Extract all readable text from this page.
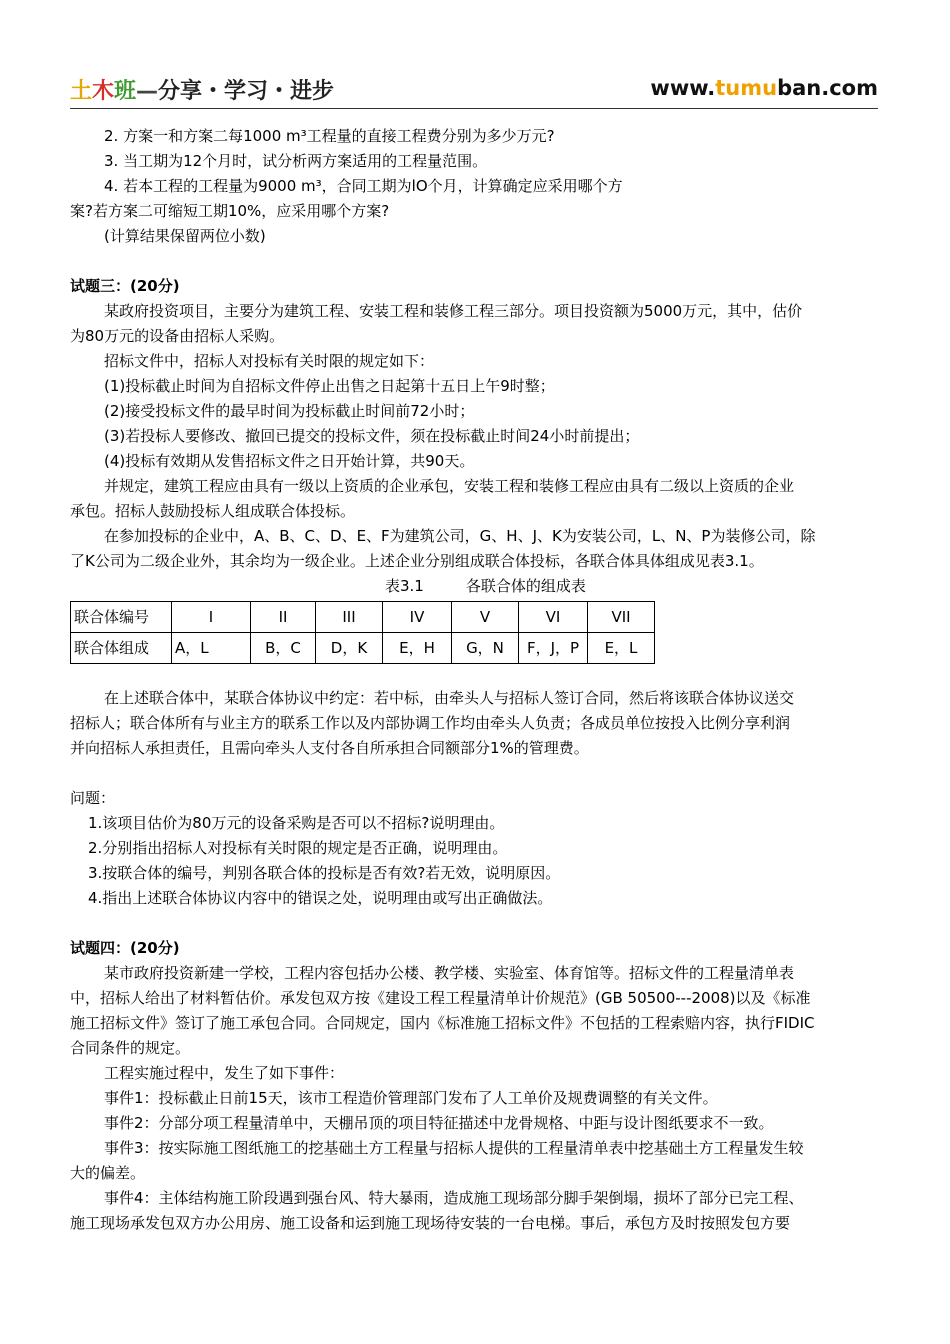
土木班—分享・学习・进步	www.tumuban.com

2. 方案一和方案二每1000 m³工程量的直接工程费分别为多少万元?

3. 当工期为12个月时，试分析两方案适用的工程量范围。

4. 若本工程的工程量为9000 m³，合同工期为lO个月，计算确定应采用哪个方

案?若方案二可缩短工期10%，应采用哪个方案?

(计算结果保留两位小数)

试题三：(20分)

某政府投资项目，主要分为建筑工程、安装工程和装修工程三部分。项目投资额为5000万元，其中，估价

为80万元的设备由招标人采购。

招标文件中，招标人对投标有关时限的规定如下：

(1)投标截止时间为自招标文件停止出售之日起第十五日上午9时整；

(2)接受投标文件的最早时间为投标截止时间前72小时；

(3)若投标人要修改、撤回已提交的投标文件，须在投标截止时间24小时前提出；

(4)投标有效期从发售招标文件之日开始计算，共90天。

并规定，建筑工程应由具有一级以上资质的企业承包，安装工程和装修工程应由具有二级以上资质的企业

承包。招标人鼓励投标人组成联合体投标。

在参加投标的企业中，A、B、C、D、E、F为建筑公司，G、H、J、K为安装公司，L、N、P为装修公司，除

了K公司为二级企业外，其余均为一级企业。上述企业分别组成联合体投标，各联合体具体组成见表3.1。

表3.1	各联合体的组成表
联合体编号	I	II	III	IV	V	VI	VII
联合体组成	A，L	B，C	D，K	E，H	G，N	F，J，P	E，L

在上述联合体中，某联合体协议中约定：若中标，由牵头人与招标人签订合同，然后将该联合体协议送交

招标人；联合体所有与业主方的联系工作以及内部协调工作均由牵头人负责；各成员单位按投入比例分享利润

并向招标人承担责任，且需向牵头人支付各自所承担合同额部分1%的管理费。

问题：

1.该项目估价为80万元的设备采购是否可以不招标?说明理由。

2.分别指出招标人对投标有关时限的规定是否正确，说明理由。

3.按联合体的编号，判别各联合体的投标是否有效?若无效，说明原因。

4.指出上述联合体协议内容中的错误之处，说明理由或写出正确做法。

试题四：(20分)

某市政府投资新建一学校，工程内容包括办公楼、教学楼、实验室、体育馆等。招标文件的工程量清单表

中，招标人给出了材料暂估价。承发包双方按《建设工程工程量清单计价规范》(GB 50500---2008)以及《标准

施工招标文件》签订了施工承包合同。合同规定，国内《标准施工招标文件》不包括的工程索赔内容，执行FIDIC

合同条件的规定。

工程实施过程中，发生了如下事件：

事件1：投标截止日前15天，该市工程造价管理部门发布了人工单价及规费调整的有关文件。

事件2：分部分项工程量清单中，天棚吊顶的项目特征描述中龙骨规格、中距与设计图纸要求不一致。

事件3：按实际施工图纸施工的挖基础土方工程量与招标人提供的工程量清单表中挖基础土方工程量发生较

大的偏差。

事件4：主体结构施工阶段遇到强台风、特大暴雨，造成施工现场部分脚手架倒塌，损坏了部分已完工程、

施工现场承发包双方办公用房、施工设备和运到施工现场待安装的一台电梯。事后，承包方及时按照发包方要
